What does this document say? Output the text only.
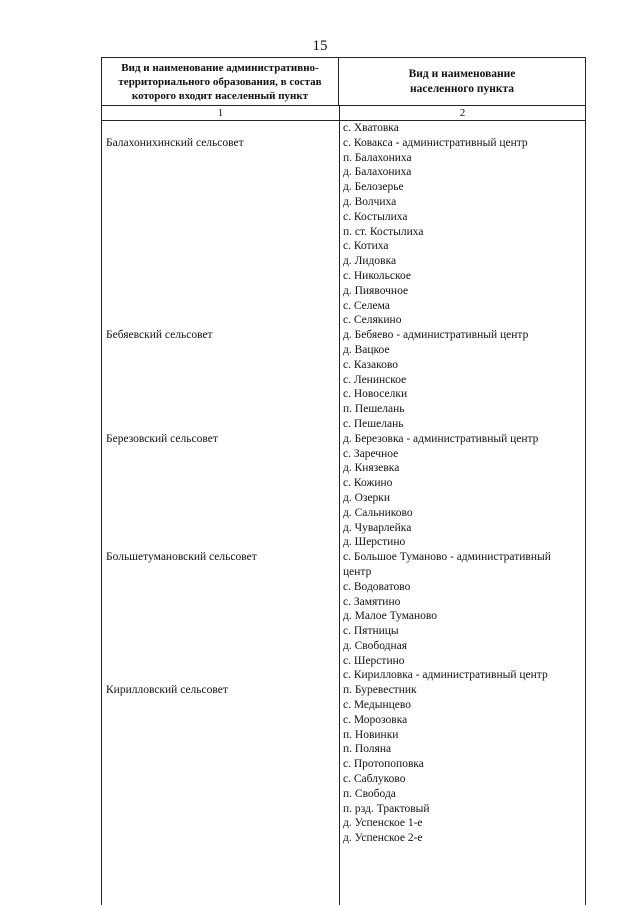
15
Вид и наименование административно-территориального образования, в состав которого входит населенный пункт
Вид и наименование населенного пункта
1	2
Балахонихинский сельсовет
Бебяевский сельсовет
Березовский сельсовет
Большетумановский сельсовет
Кирилловский сельсовет
с. Хватовка
с. Ковакса - административный центр
п. Балахониха
д. Балахониха
д. Белозерье
д. Волчиха
с. Костылиха
п. ст. Костылиха
с. Котиха
д. Лидовка
с. Никольское
д. Пиявочное
с. Селема
с. Селякино
д. Бебяево - административный центр
д. Вацкое
с. Казаково
с. Ленинское
с. Новоселки
п. Пешелань
с. Пешелань
д. Березовка - административный центр
с. Заречное
д. Князевка
с. Кожино
д. Озерки
д. Сальниково
д. Чуварлейка
д. Шерстино
с. Большое Туманово - административный центр
с. Водоватово
с. Замятино
д. Малое Туманово
с. Пятницы
д. Свободная
с. Шерстино
с. Кирилловка - административный центр
п. Буревестник
с. Медынцево
с. Морозовка
п. Новинки
п. Поляна
с. Протопоповка
с. Саблуково
п. Свобода
п. рзд. Трактовый
д. Успенское 1-е
д. Успенское 2-е
